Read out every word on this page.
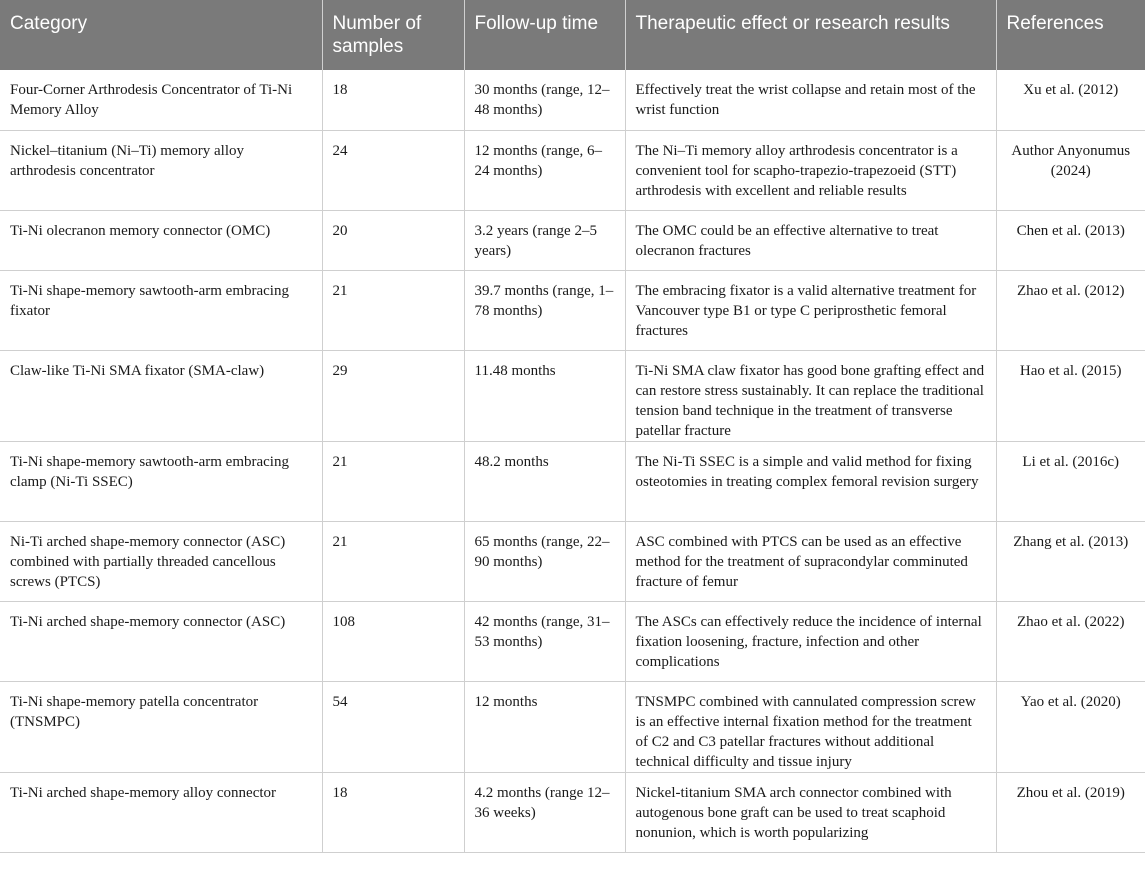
Category	Number of samples	Follow-up time	Therapeutic effect or research results	References
Four-Corner Arthrodesis Concentrator of Ti-Ni Memory Alloy	18	30 months (range, 12–48 months)	Effectively treat the wrist collapse and retain most of the wrist function	Xu et al. (2012)
Nickel–titanium (Ni–Ti) memory alloy arthrodesis concentrator	24	12 months (range, 6–24 months)	The Ni–Ti memory alloy arthrodesis concentrator is a convenient tool for scapho-trapezio-trapezoeid (STT) arthrodesis with excellent and reliable results	Author Anyonumus (2024)
Ti-Ni olecranon memory connector (OMC)	20	3.2 years (range 2–5 years)	The OMC could be an effective alternative to treat olecranon fractures	Chen et al. (2013)
Ti-Ni shape-memory sawtooth-arm embracing fixator	21	39.7 months (range, 1–78 months)	The embracing fixator is a valid alternative treatment for Vancouver type B1 or type C periprosthetic femoral fractures	Zhao et al. (2012)
Claw-like Ti-Ni SMA fixator (SMA-claw)	29	11.48 months	Ti-Ni SMA claw fixator has good bone grafting effect and can restore stress sustainably. It can replace the traditional tension band technique in the treatment of transverse patellar fracture	Hao et al. (2015)
Ti-Ni shape-memory sawtooth-arm embracing clamp (Ni-Ti SSEC)	21	48.2 months	The Ni-Ti SSEC is a simple and valid method for fixing osteotomies in treating complex femoral revision surgery	Li et al. (2016c)
Ni-Ti arched shape-memory connector (ASC) combined with partially threaded cancellous screws (PTCS)	21	65 months (range, 22–90 months)	ASC combined with PTCS can be used as an effective method for the treatment of supracondylar comminuted fracture of femur	Zhang et al. (2013)
Ti-Ni arched shape-memory connector (ASC)	108	42 months (range, 31–53 months)	The ASCs can effectively reduce the incidence of internal fixation loosening, fracture, infection and other complications	Zhao et al. (2022)
Ti-Ni shape-memory patella concentrator (TNSMPC)	54	12 months	TNSMPC combined with cannulated compression screw is an effective internal fixation method for the treatment of C2 and C3 patellar fractures without additional technical difficulty and tissue injury	Yao et al. (2020)
Ti-Ni arched shape-memory alloy connector	18	4.2 months (range 12–36 weeks)	Nickel-titanium SMA arch connector combined with autogenous bone graft can be used to treat scaphoid nonunion, which is worth popularizing	Zhou et al. (2019)
